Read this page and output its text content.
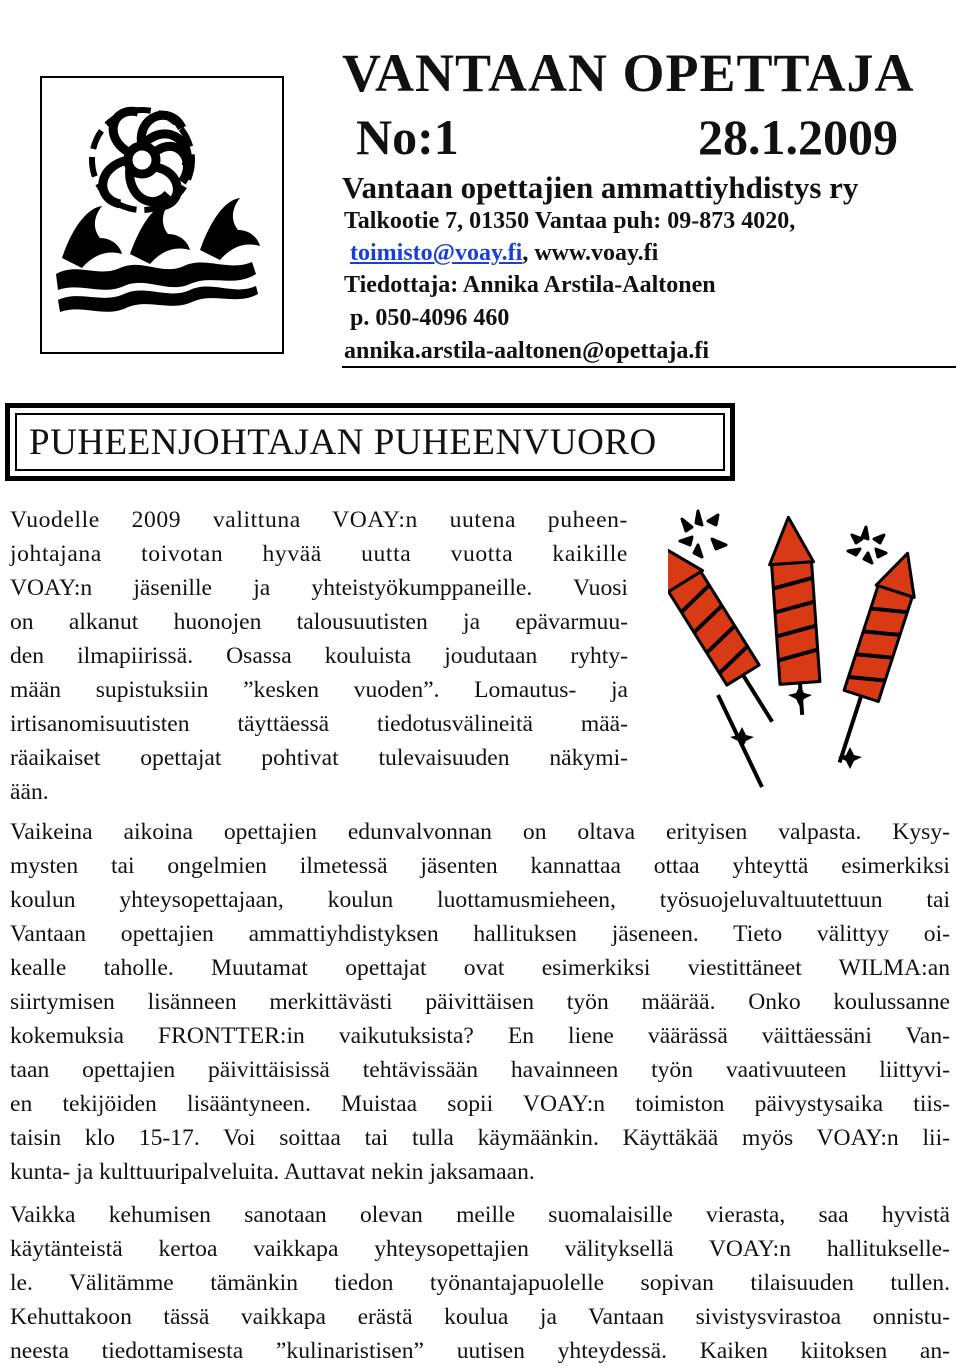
VANTAAN OPETTAJA
No:1	28.1.2009
Vantaan opettajien ammattiyhdistys ry
Talkootie 7, 01350 Vantaa puh: 09-873 4020,
toimisto@voay.fi, www.voay.fi
Tiedottaja: Annika Arstila-Aaltonen
p. 050-4096 460
annika.arstila-aaltonen@opettaja.fi
PUHEENJOHTAJAN PUHEENVUORO
Vuodelle 2009 valittuna VOAY:n uutena puheen-
johtajana toivotan hyvää uutta vuotta kaikille
VOAY:n jäsenille ja yhteistyökumppaneille. Vuosi
on alkanut huonojen talousuutisten ja epävarmuu-
den ilmapiirissä. Osassa kouluista joudutaan ryhty-
mään supistuksiin ”kesken vuoden”. Lomautus- ja
irtisanomisuutisten täyttäessä tiedotusvälineitä mää-
räaikaiset opettajat pohtivat tulevaisuuden näkymi-
ään.
Vaikeina aikoina opettajien edunvalvonnan on oltava erityisen valpasta. Kysy-
mysten tai ongelmien ilmetessä jäsenten kannattaa ottaa yhteyttä esimerkiksi
koulun yhteysopettajaan, koulun luottamusmieheen, työsuojeluvaltuutettuun tai
Vantaan opettajien ammattiyhdistyksen hallituksen jäseneen. Tieto välittyy oi-
kealle taholle. Muutamat opettajat ovat esimerkiksi viestittäneet WILMA:an
siirtymisen lisänneen merkittävästi päivittäisen työn määrää. Onko koulussanne
kokemuksia FRONTTER:in vaikutuksista? En liene väärässä väittäessäni Van-
taan opettajien päivittäisissä tehtävissään havainneen työn vaativuuteen liittyvi-
en tekijöiden lisääntyneen. Muistaa sopii VOAY:n toimiston päivystysaika tiis-
taisin klo 15-17. Voi soittaa tai tulla käymäänkin. Käyttäkää myös VOAY:n lii-
kunta- ja kulttuuripalveluita. Auttavat nekin jaksamaan.
Vaikka kehumisen sanotaan olevan meille suomalaisille vierasta, saa hyvistä
käytänteistä kertoa vaikkapa yhteysopettajien välityksellä VOAY:n hallitukselle-
le. Välitämme tämänkin tiedon työnantajapuolelle sopivan tilaisuuden tullen.
Kehuttakoon tässä vaikkapa erästä koulua ja Vantaan sivistysvirastoa onnistu-
neesta tiedottamisesta ”kulinaristisen” uutisen yhteydessä. Kaiken kiitoksen an-
